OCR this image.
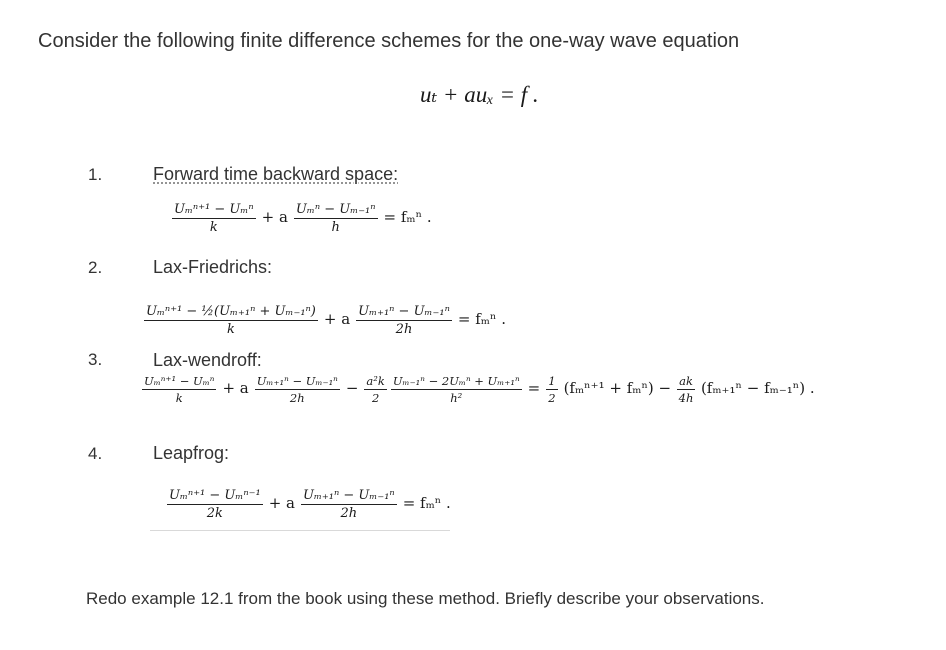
Consider the following finite difference schemes for the one-way wave equation
uₜ + auₓ = f .
1.	Forward time backward space:
$\frac{\text{Uₘⁿ⁺¹ − Uₘⁿ}}{k} + a \frac{\text{Uₘⁿ − Uₘ₋₁ⁿ}}{h} = f_m^n$ .
2.	Lax-Friedrichs:
$\frac{\text{Uₘⁿ⁺¹ − ½(Uₘ₊₁ⁿ + Uₘ₋₁ⁿ)}}{k} + a \frac{\text{Uₘ₊₁ⁿ − Uₘ₋₁ⁿ}}{2h} = f_m^n$ .
3.	Lax-wendroff:
$\frac{\text{Uₘⁿ⁺¹ − Uₘⁿ}}{k} + a \frac{\text{Uₘ₊₁ⁿ − Uₘ₋₁ⁿ}}{2h} - \frac{\text{a²k}}{2} \frac{\text{Uₘ₋₁ⁿ − 2Uₘⁿ + Uₘ₊₁ⁿ}}{\text{h²}} = \frac{1}{2} (f_m^{n+1} + f_m^n) - \frac{ak}{4h} (f_{m+1}^n - f_{m-1}^n)$ .
4.	Leapfrog:
$\frac{\text{Uₘⁿ⁺¹ − Uₘⁿ⁻¹}}{2k} + a \frac{\text{Uₘ₊₁ⁿ − Uₘ₋₁ⁿ}}{2h} = f_m^n$ .
Redo example 12.1 from the book using these method. Briefly describe your observations.
